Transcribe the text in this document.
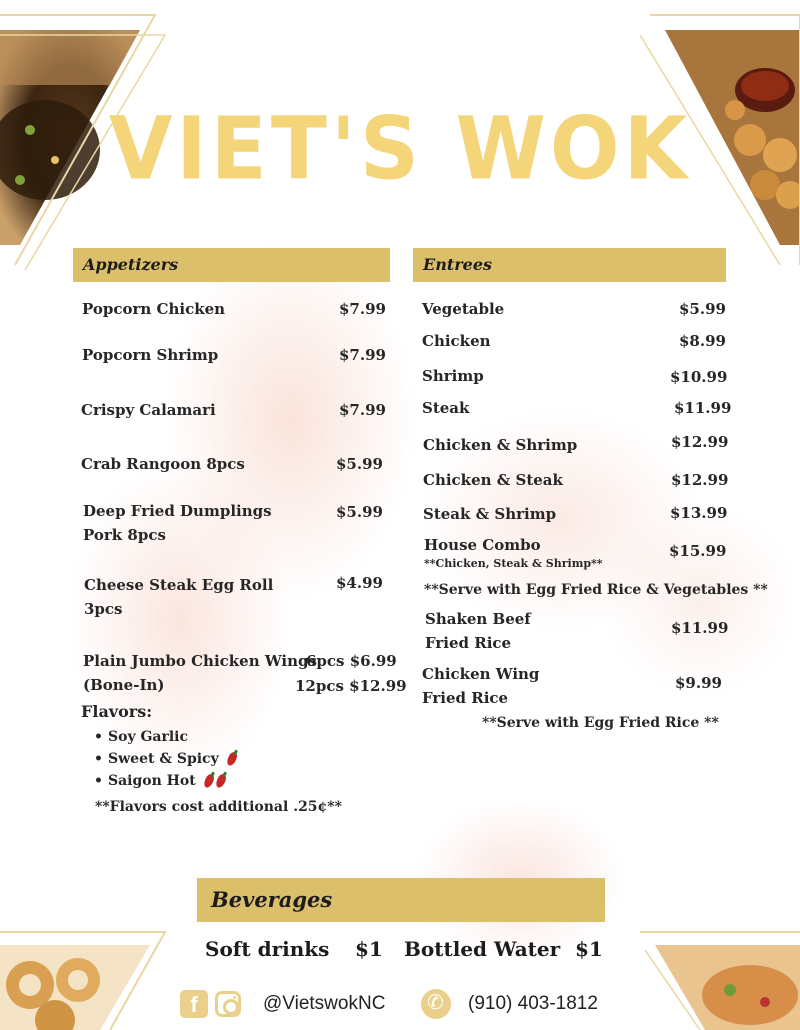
VIET'S WOK
Appetizers
Popcorn Chicken	$7.99
Popcorn Shrimp	$7.99
Crispy Calamari	$7.99
Crab Rangoon 8pcs	$5.99
Deep Fried Dumplings
Pork 8pcs
$5.99
Cheese Steak Egg Roll
3pcs
$4.99
Plain Jumbo Chicken Wings
6pcs $6.99
(Bone-In)	12pcs $12.99
Flavors:
• Soy Garlic
• Sweet & Spicy
• Saigon Hot
**Flavors cost additional .25¢**
Entrees
Vegetable	$5.99
Chicken	$8.99
Shrimp	$10.99
Steak	$11.99
Chicken & Shrimp	$12.99
Chicken & Steak	$12.99
Steak & Shrimp	$13.99
House Combo
**Chicken, Steak & Shrimp**
$15.99
**Serve with Egg Fried Rice & Vegetables **
Shaken Beef
Fried Rice
$11.99
Chicken Wing
Fried Rice
$9.99
**Serve with Egg Fried Rice **
Beverages
Soft drinks $1 Bottled Water $1
f	@VietswokNC
✆	(910) 403-1812
